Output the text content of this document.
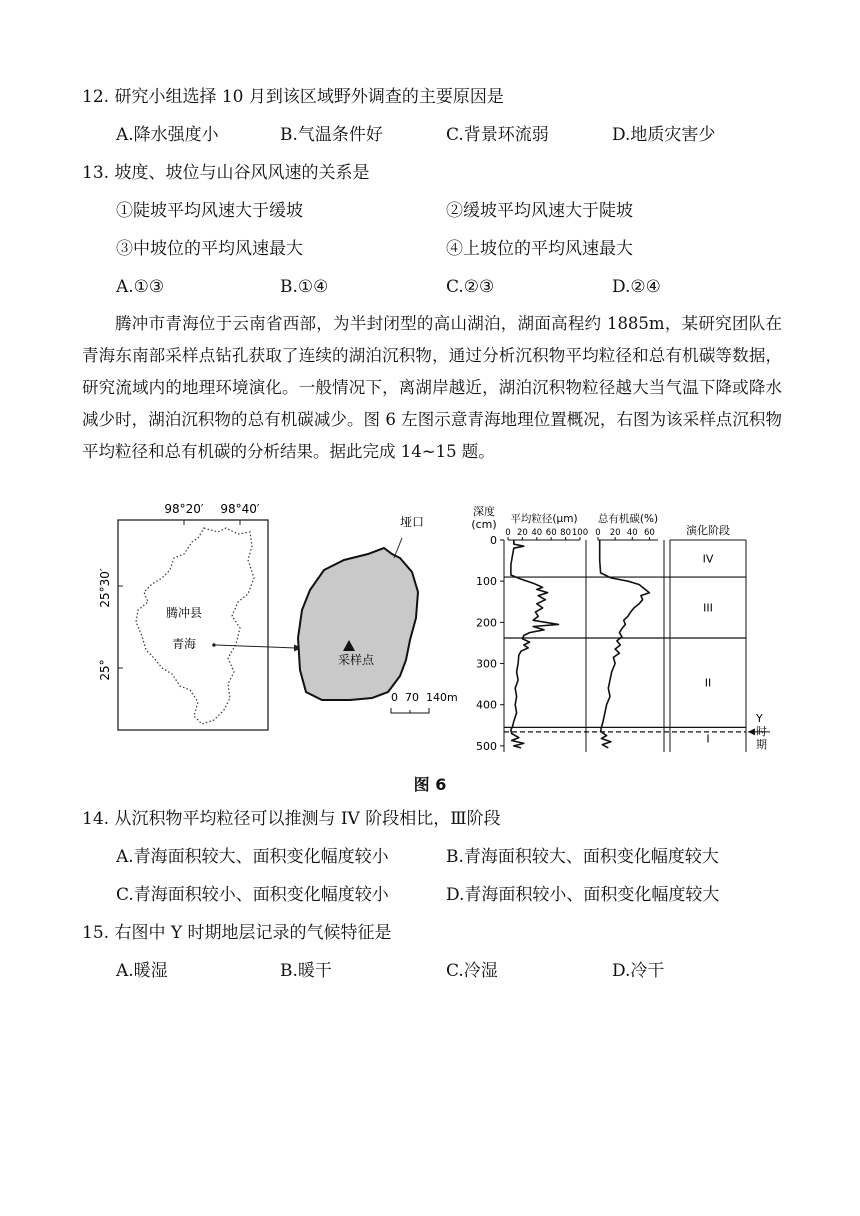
12. 研究小组选择 10 月到该区域野外调查的主要原因是
A.降水强度小	B.气温条件好	C.背景环流弱	D.地质灾害少
13. 坡度、坡位与山谷风风速的关系是
①陡坡平均风速大于缓坡	②缓坡平均风速大于陡坡
③中坡位的平均风速最大	④上坡位的平均风速最大
A.①③	B.①④	C.②③	D.②④
腾冲市青海位于云南省西部，为半封闭型的高山湖泊，湖面高程约 1885m，某研究团队在青海东南部采样点钻孔获取了连续的湖泊沉积物，通过分析沉积物平均粒径和总有机碳等数据，研究流域内的地理环境演化。一般情况下，离湖岸越近，湖泊沉积物粒径越大当气温下降或降水减少时，湖泊沉积物的总有机碳减少。图 6 左图示意青海地理位置概况，右图为该采样点沉积物平均粒径和总有机碳的分析结果。据此完成 14~15 题。
98°20′ 98°40′
25°30′
25°
腾冲县
青海
垭口
采样点
0  70  140m
深度
(cm)
0
100
200
300
400
500
平均粒径(μm)
0 20 40 60 80 100
总有机碳(%)
0 20 40 60	演化阶段
IV
III
II
I
Y
时
期
图 6
14. 从沉积物平均粒径可以推测与 IV 阶段相比，Ⅲ阶段
A.青海面积较大、面积变化幅度较小	B.青海面积较大、面积变化幅度较大
C.青海面积较小、面积变化幅度较小	D.青海面积较小、面积变化幅度较大
15. 右图中 Y 时期地层记录的气候特征是
A.暖湿	B.暖干	C.冷湿	D.冷干
